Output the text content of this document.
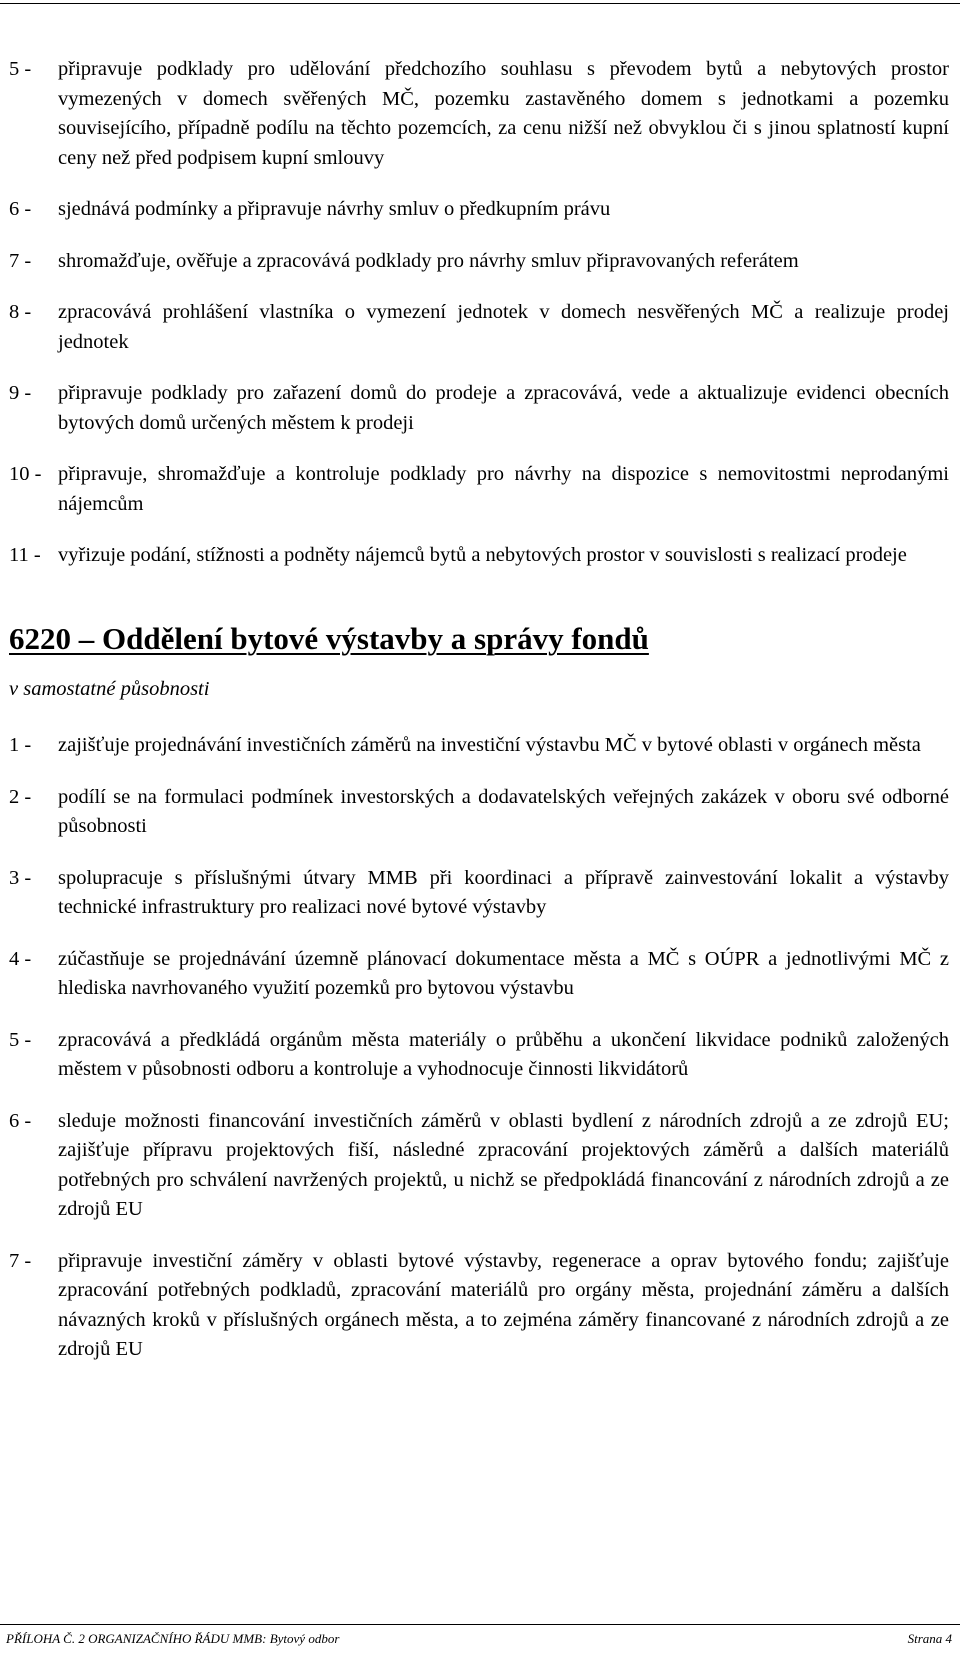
5 -	připravuje podklady pro udělování předchozího souhlasu s převodem bytů a nebytových prostor vymezených v domech svěřených MČ, pozemku zastavěného domem s jednotkami a pozemku souvisejícího, případně podílu na těchto pozemcích, za cenu nižší než obvyklou či s jinou splatností kupní ceny než před podpisem kupní smlouvy
6 -	sjednává podmínky a připravuje návrhy smluv o předkupním právu
7 -	shromažďuje, ověřuje a zpracovává podklady pro návrhy smluv připravovaných referátem
8 -	zpracovává prohlášení vlastníka o vymezení jednotek v domech nesvěřených MČ a realizuje prodej jednotek
9 -	připravuje podklady pro zařazení domů do prodeje a zpracovává, vede a aktualizuje evidenci obecních bytových domů určených městem k prodeji
10 - připravuje, shromažďuje a kontroluje podklady pro návrhy na dispozice s nemovitostmi neprodanými nájemcům
11 - vyřizuje podání, stížnosti a podněty nájemců bytů a nebytových prostor v souvislosti s realizací prodeje
6220 – Oddělení bytové výstavby a správy fondů
v samostatné působnosti
1 -	zajišťuje projednávání investičních záměrů na investiční výstavbu MČ v bytové oblasti v orgánech města
2 -	podílí se na formulaci podmínek investorských a dodavatelských veřejných zakázek v oboru své odborné působnosti
3 -	spolupracuje s příslušnými útvary MMB při koordinaci a přípravě zainvestování lokalit a výstavby technické infrastruktury pro realizaci nové bytové výstavby
4 -	zúčastňuje se projednávání územně plánovací dokumentace města a MČ s OÚPR a jednotlivými MČ z hlediska navrhovaného využití pozemků pro bytovou výstavbu
5 -	zpracovává a předkládá orgánům města materiály o průběhu a ukončení likvidace podniků založených městem v působnosti odboru a kontroluje a vyhodnocuje činnosti likvidátorů
6 -	sleduje možnosti financování investičních záměrů v oblasti bydlení z národních zdrojů a ze zdrojů EU; zajišťuje přípravu projektových fiší, následné zpracování projektových záměrů a dalších materiálů potřebných pro schválení navržených projektů, u nichž se předpokládá financování z národních zdrojů a ze zdrojů EU
7 -	připravuje investiční záměry v oblasti bytové výstavby, regenerace a oprav bytového fondu; zajišťuje zpracování potřebných podkladů, zpracování materiálů pro orgány města, projednání záměru a dalších návazných kroků v příslušných orgánech města, a to zejména záměry financované z národních zdrojů a ze zdrojů EU
PŘÍLOHA Č. 2 ORGANIZAČNÍHO ŘÁDU MMB: Bytový odbor	Strana 4
